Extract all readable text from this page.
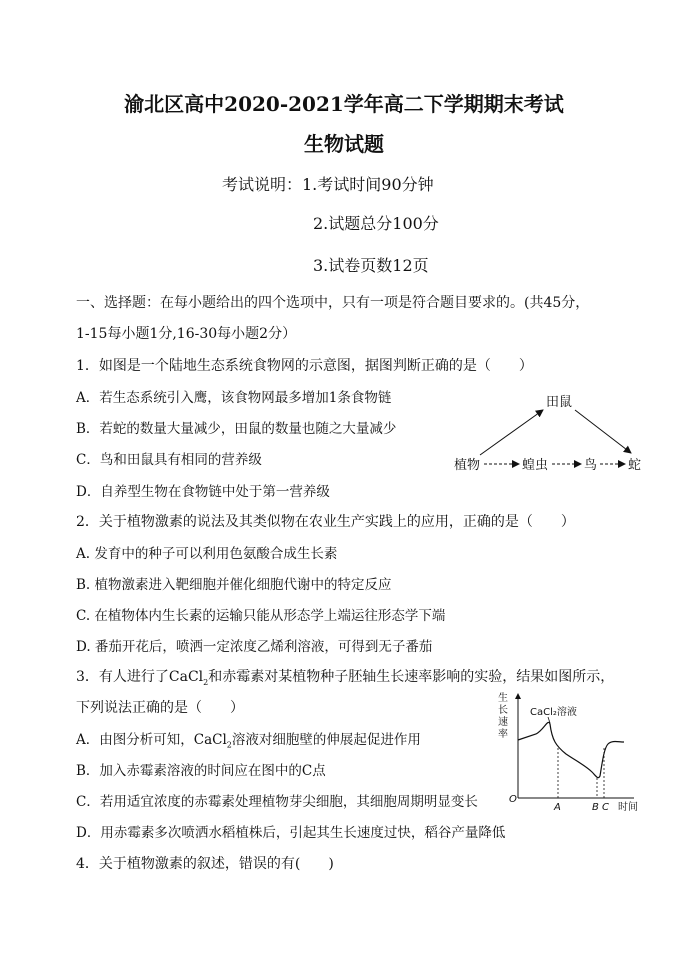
渝北区高中2020-2021学年高二下学期期末考试
生物试题
考试说明：1.考试时间90分钟
2.试题总分100分
3.试卷页数12页
一、选择题：在每小题给出的四个选项中，只有一项是符合题目要求的。(共45分，
1-15每小题1分,16-30每小题2分）
1．如图是一个陆地生态系统食物网的示意图，据图判断正确的是（　　）
A．若生态系统引入鹰，该食物网最多增加1条食物链
B．若蛇的数量大量减少，田鼠的数量也随之大量减少
C．鸟和田鼠具有相同的营养级
D．自养型生物在食物链中处于第一营养级
田鼠
植物	蝗虫	鸟 蛇
2．关于植物激素的说法及其类似物在农业生产实践上的应用，正确的是（　　）
A. 发育中的种子可以利用色氨酸合成生长素
B. 植物激素进入靶细胞并催化细胞代谢中的特定反应
C. 在植物体内生长素的运输只能从形态学上端运往形态学下端
D. 番茄开花后，喷洒一定浓度乙烯利溶液，可得到无子番茄
3．有人进行了CaCl$_2$和赤霉素对某植物种子胚轴生长速率影响的实验，结果如图所示，
下列说法正确的是（　　）
A．由图分析可知，CaCl$_2$溶液对细胞壁的伸展起促进作用
B．加入赤霉素溶液的时间应在图中的C点
C．若用适宜浓度的赤霉素处理植物芽尖细胞，其细胞周期明显变长
D．用赤霉素多次喷洒水稻植株后，引起其生长速度过快，稻谷产量降低
生
长
速
率
CaCl₂溶液
O
A	B C 时间
4．关于植物激素的叙述，错误的有(　　)
